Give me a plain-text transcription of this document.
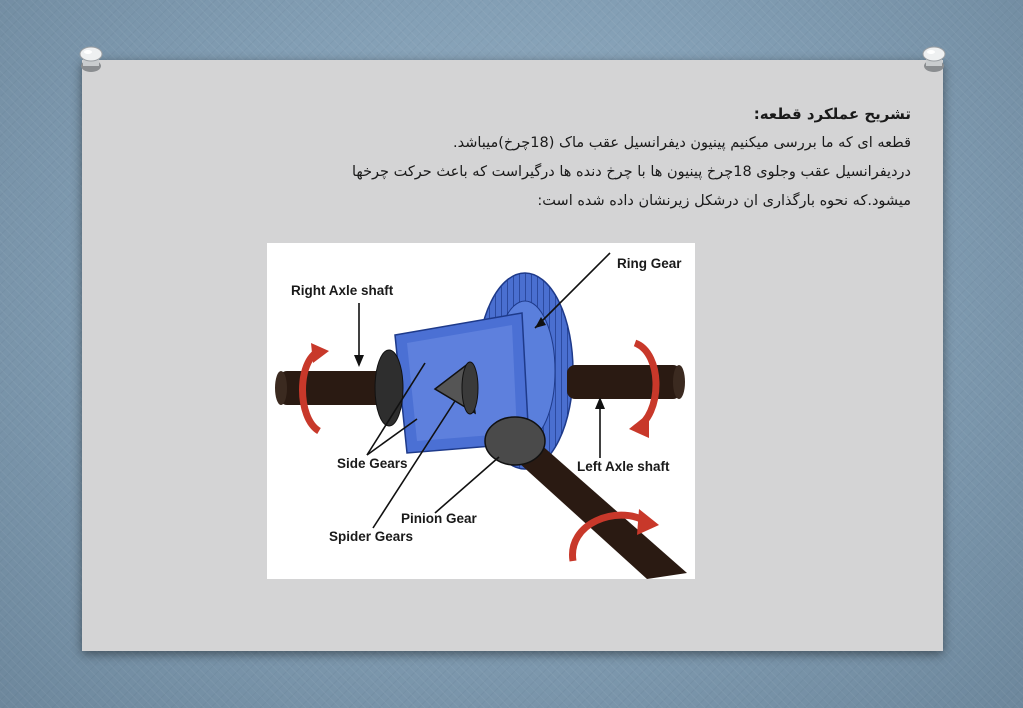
تشریح عملکرد قطعه:
قطعه ای که ما بررسی میکنیم پینیون دیفرانسیل عقب ماک (18چرخ)میباشد.
دردیفرانسیل عقب وجلوی 18چرخ پینیون ها با چرخ دنده ها درگیراست که باعث حرکت چرخها
میشود.که نحوه بارگذاری ان درشکل زیرنشان داده شده است:
Ring Gear
Right Axle shaft
Left Axle shaft
Side Gears
Pinion Gear
Spider Gears
